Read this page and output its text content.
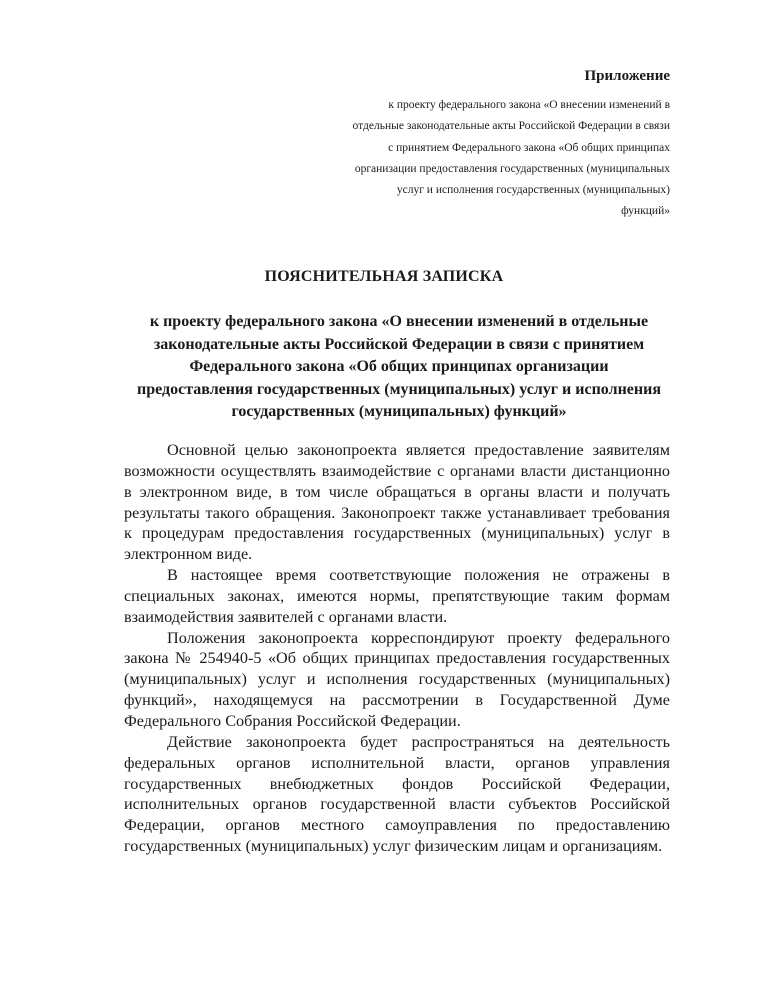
Приложение

к проекту федерального закона «О внесении изменений в

отдельные законодательные акты Российской Федерации в связи

с принятием Федерального закона «Об общих принципах

организации предоставления государственных (муниципальных

услуг и исполнения государственных (муниципальных)

функций»

ПОЯСНИТЕЛЬНАЯ ЗАПИСКА
к проекту федерального закона «О внесении изменений в отдельные
законодательные акты Российской Федерации в связи с принятием
Федерального закона «Об общих принципах организации
предоставления государственных (муниципальных) услуг и исполнения
государственных (муниципальных) функций»

Основной целью законопроекта является предоставление заявителям возможности осуществлять взаимодействие с органами власти дистанционно в электронном виде, в том числе обращаться в органы власти и получать результаты такого обращения. Законопроект также устанавливает требования к процедурам предоставления государственных (муниципальных) услуг в электронном виде.

В настоящее время соответствующие положения не отражены в специальных законах, имеются нормы, препятствующие таким формам взаимодействия заявителей с органами власти.

Положения законопроекта корреспондируют проекту федерального закона № 254940-5 «Об общих принципах предоставления государственных (муниципальных) услуг и исполнения государственных (муниципальных) функций», находящемуся на рассмотрении в Государственной Думе Федерального Собрания Российской Федерации.

Действие законопроекта будет распространяться на деятельность федеральных органов исполнительной власти, органов управления государственных внебюджетных фондов Российской Федерации, исполнительных органов государственной власти субъектов Российской Федерации, органов местного самоуправления по предоставлению государственных (муниципальных) услуг физическим лицам и организациям.
